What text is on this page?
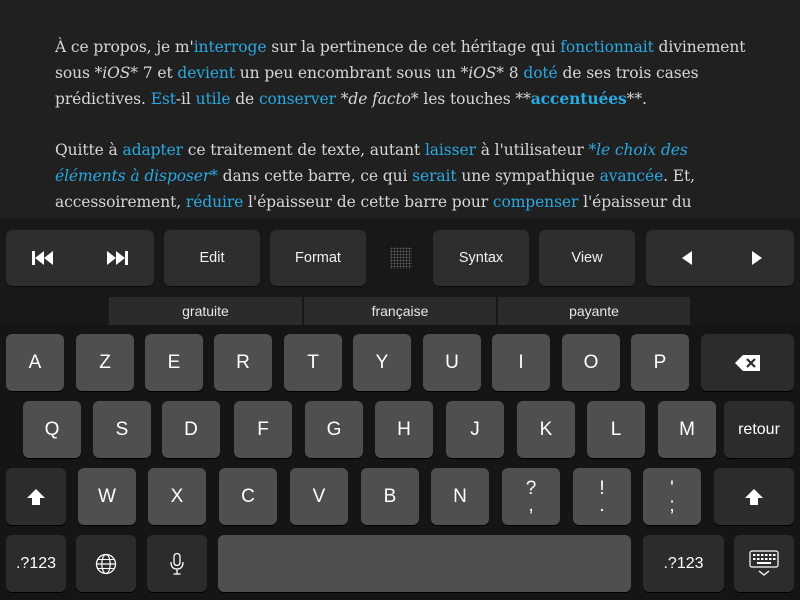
À ce propos, je m'interroge sur la pertinence de cet héritage qui fonctionnait divinement sous *iOS* 7 et devient un peu encombrant sous un *iOS* 8 doté de ses trois cases prédictives. Est-il utile de conserver *de facto* les touches **accentuées**.
Quitte à adapter ce traitement de texte, autant laisser à l'utilisateur *le choix des éléments à disposer* dans cette barre, ce qui serait une sympathique avancée. Et, accessoirement, réduire l'épaisseur de cette barre pour compenser l'épaisseur du
Edit	Format	Syntax	View
gratuite	française	payante
A	Z	E	R	T	Y	U	I	O	P
Q	S	D	F	G	H	J	K	L	M	retour
W	X	C	V	B	N	?
,
!
.
'
;
.?123	.?123
